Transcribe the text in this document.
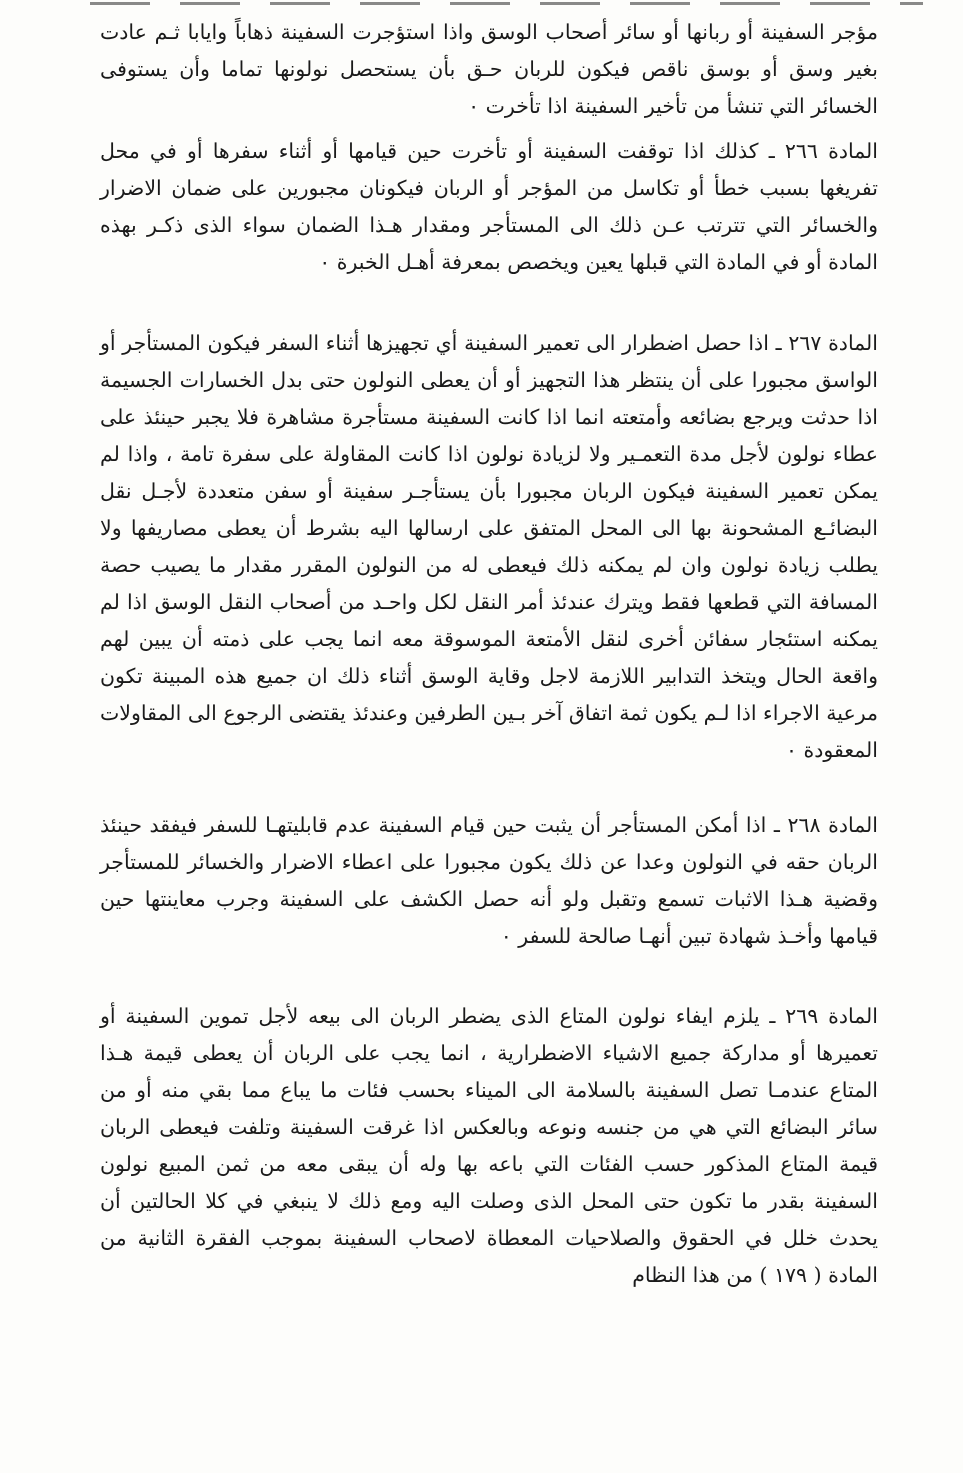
مؤجر السفينة أو ربانها أو سائر أصحاب الوسق واذا استؤجرت السفينة ذهاباً وايابا ثـم عادت بغير وسق أو بوسق ناقص فيكون للربان حـق بأن يستحصل نولونها تماما وأن يستوفى الخسائر التي تنشأ من تأخير السفينة اذا تأخرت ٠

المادة ٢٦٦ ـ كذلك اذا توقفت السفينة أو تأخرت حين قيامها أو أثناء سفرها أو في محل تفريغها بسبب خطأ أو تكاسل من المؤجر أو الربان فيكونان مجبورين على ضمان الاضرار والخسائر التي تترتب عـن ذلك الى المستأجر ومقدار هـذا الضمان سواء الذى ذكـر بهذه المادة أو في المادة التي قبلها يعين ويخصص بمعرفة أهـل الخبرة ٠

المادة ٢٦٧ ـ اذا حصل اضطرار الى تعمير السفينة أي تجهيزها أثناء السفر فيكون المستأجر أو الواسق مجبورا على أن ينتظر هذا التجهيز أو أن يعطى النولون حتى بدل الخسارات الجسيمة اذا حدثت ويرجع بضائعه وأمتعته انما اذا كانت السفينة مستأجرة مشاهرة فلا يجبر حينئذ على عطاء نولون لأجل مدة التعمـير ولا لزيادة نولون اذا كانت المقاولة على سفرة تامة ، واذا لم يمكن تعمير السفينة فيكون الربان مجبورا بأن يستأجـر سفينة أو سفن متعددة لأجـل نقل البضائـع المشحونة بها الى المحل المتفق على ارسالها اليه بشرط أن يعطى مصاريفها ولا يطلب زيادة نولون وان لم يمكنه ذلك فيعطى له من النولون المقرر مقدار ما يصيب حصة المسافة التي قطعها فقط ويترك عندئذ أمر النقل لكل واحـد من أصحاب النقل الوسق اذا لم يمكنه استئجار سفائن أخرى لنقل الأمتعة الموسوقة معه انما يجب على ذمته أن يبين لهم واقعة الحال ويتخذ التدابير اللازمة لاجل وقاية الوسق أثناء ذلك ان جميع هذه المبينة تكون مرعية الاجراء اذا لـم يكون ثمة اتفاق آخر بـين الطرفين وعندئذ يقتضى الرجوع الى المقاولات المعقودة ٠

المادة ٢٦٨ ـ اذا أمكن المستأجر أن يثبت حين قيام السفينة عدم قابليتهـا للسفر فيفقد حينئذ الربان حقه في النولون وعدا عن ذلك يكون مجبورا على اعطاء الاضرار والخسائر للمستأجر وقضية هـذا الاثبات تسمع وتقبل ولو أنه حصل الكشف على السفينة وجرب معاينتها حين قيامها وأخـذ شهادة تبين أنهـا صالحة للسفر ٠

المادة ٢٦٩ ـ يلزم ايفاء نولون المتاع الذى يضطر الربان الى بيعه لأجل تموين السفينة أو تعميرها أو مداركة جميع الاشياء الاضطرارية ، انما يجب على الربان أن يعطى قيمة هـذا المتاع عندمـا تصل السفينة بالسلامة الى الميناء بحسب فئات ما يباع مما بقي منه أو من سائر البضائع التي هي من جنسه ونوعه وبالعكس اذا غرقت السفينة وتلفت فيعطى الربان قيمة المتاع المذكور حسب الفئات التي باعه بها وله أن يبقى معه من ثمن المبيع نولون السفينة بقدر ما تكون حتى المحل الذى وصلت اليه ومع ذلك لا ينبغي في كلا الحالتين أن يحدث خلل في الحقوق والصلاحيات المعطاة لاصحاب السفينة بموجب الفقرة الثانية من المادة ( ١٧٩ ) من هذا النظام
